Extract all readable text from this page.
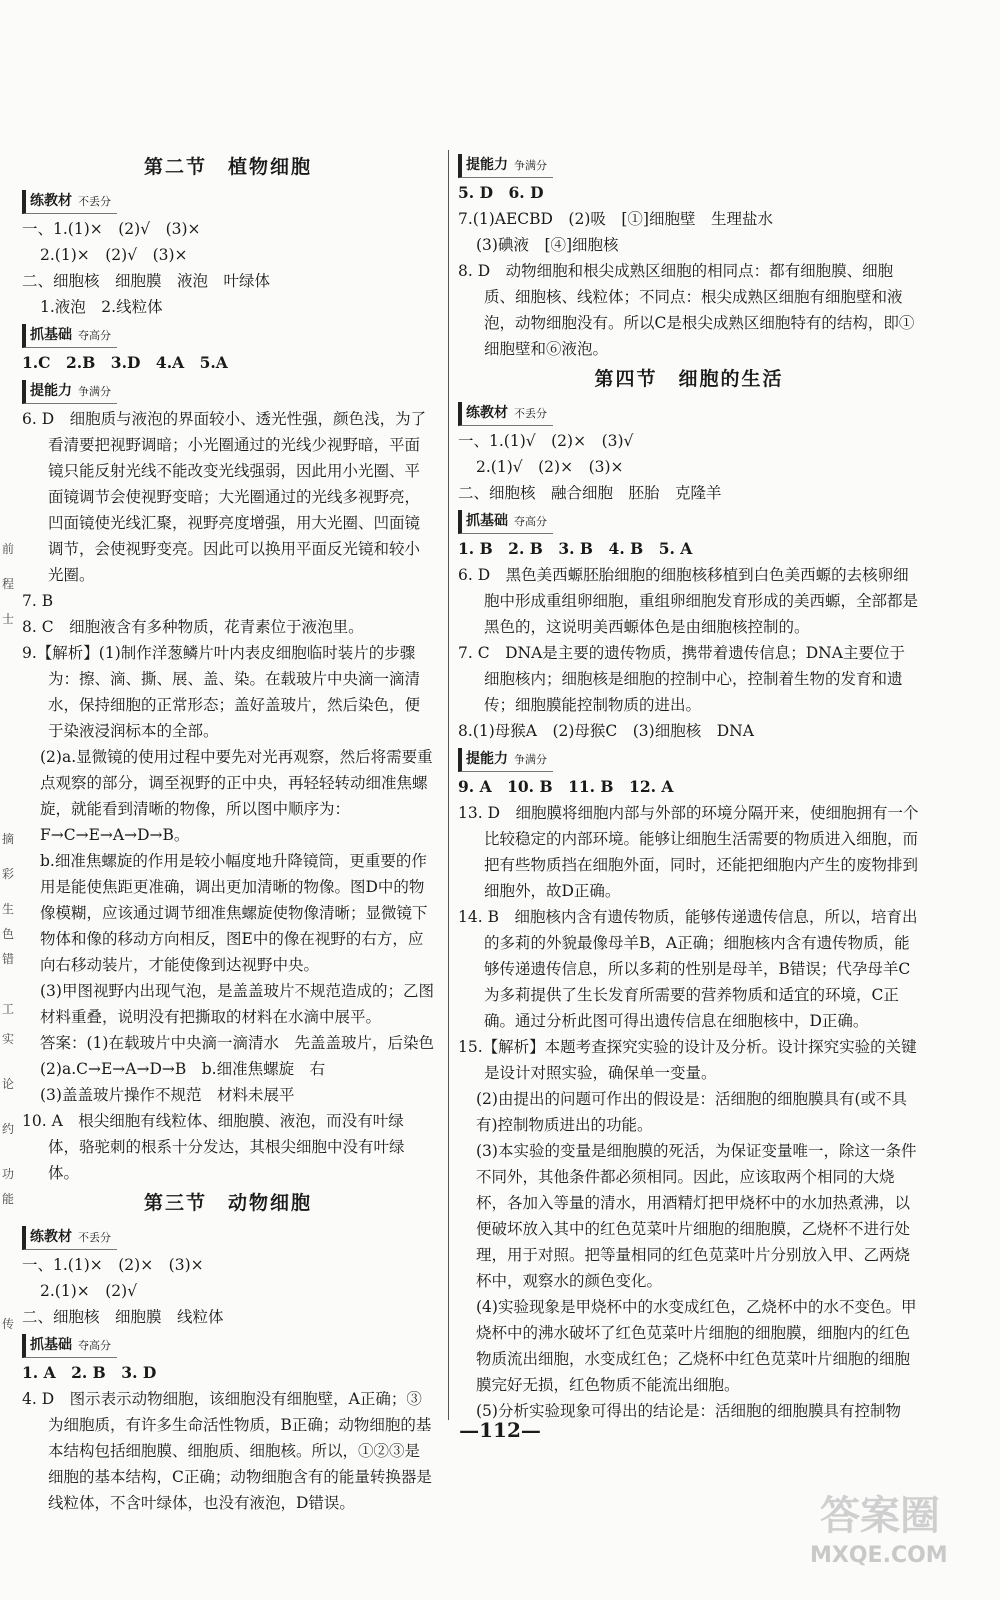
前
程
士
摘
彩
生
色
错
工
实
论
约
功
能
传
第二节　植物细胞
练教材 不丢分

一、1.(1)×　(2)√　(3)×

2.(1)×　(2)√　(3)×

二、细胞核　细胞膜　液泡　叶绿体

1.液泡　2.线粒体

抓基础 夺高分

1.C　2.B　3.D　4.A　5.A

提能力 争满分

6. D　细胞质与液泡的界面较小、透光性强，颜色浅，为了看清要把视野调暗；小光圈通过的光线少视野暗，平面镜只能反射光线不能改变光线强弱，因此用小光圈、平面镜调节会使视野变暗；大光圈通过的光线多视野亮，凹面镜使光线汇聚，视野亮度增强，用大光圈、凹面镜调节，会使视野变亮。因此可以换用平面反光镜和较小光圈。

7. B

8. C　细胞液含有多种物质，花青素位于液泡里。

9.【解析】(1)制作洋葱鳞片叶内表皮细胞临时装片的步骤为：擦、滴、撕、展、盖、染。在载玻片中央滴一滴清水，保持细胞的正常形态；盖好盖玻片，然后染色，便于染液浸润标本的全部。

(2)a.显微镜的使用过程中要先对光再观察，然后将需要重点观察的部分，调至视野的正中央，再轻轻转动细准焦螺旋，就能看到清晰的物像，所以图中顺序为：F→C→E→A→D→B。

b.细准焦螺旋的作用是较小幅度地升降镜筒，更重要的作用是能使焦距更准确，调出更加清晰的物像。图D中的物像模糊，应该通过调节细准焦螺旋使物像清晰；显微镜下物体和像的移动方向相反，图E中的像在视野的右方，应向右移动装片，才能使像到达视野中央。

(3)甲图视野内出现气泡，是盖盖玻片不规范造成的；乙图材料重叠，说明没有把撕取的材料在水滴中展平。

答案：(1)在载玻片中央滴一滴清水　先盖盖玻片，后染色

(2)a.C→E→A→D→B　b.细准焦螺旋　右

(3)盖盖玻片操作不规范　材料未展平

10. A　根尖细胞有线粒体、细胞膜、液泡，而没有叶绿体，骆驼刺的根系十分发达，其根尖细胞中没有叶绿体。

第三节　动物细胞
练教材 不丢分

一、1.(1)×　(2)×　(3)×

2.(1)×　(2)√

二、细胞核　细胞膜　线粒体

抓基础 夺高分

1. A　2. B　3. D

4. D　图示表示动物细胞，该细胞没有细胞壁，A正确；③为细胞质，有许多生命活性物质，B正确；动物细胞的基本结构包括细胞膜、细胞质、细胞核。所以，①②③是细胞的基本结构，C正确；动物细胞含有的能量转换器是线粒体，不含叶绿体，也没有液泡，D错误。

提能力 争满分

5. D　6. D

7.(1)AECBD　(2)吸　[①]细胞壁　生理盐水

(3)碘液　[④]细胞核

8. D　动物细胞和根尖成熟区细胞的相同点：都有细胞膜、细胞质、细胞核、线粒体；不同点：根尖成熟区细胞有细胞壁和液泡，动物细胞没有。所以C是根尖成熟区细胞特有的结构，即①细胞壁和⑥液泡。

第四节　细胞的生活
练教材 不丢分

一、1.(1)√　(2)×　(3)√

2.(1)√　(2)×　(3)×

二、细胞核　融合细胞　胚胎　克隆羊

抓基础 夺高分

1. B　2. B　3. B　4. B　5. A

6. D　黑色美西螈胚胎细胞的细胞核移植到白色美西螈的去核卵细胞中形成重组卵细胞，重组卵细胞发育形成的美西螈，全部都是黑色的，这说明美西螈体色是由细胞核控制的。

7. C　DNA是主要的遗传物质，携带着遗传信息；DNA主要位于细胞核内；细胞核是细胞的控制中心，控制着生物的发育和遗传；细胞膜能控制物质的进出。

8.(1)母猴A　(2)母猴C　(3)细胞核　DNA

提能力 争满分

9. A　10. B　11. B　12. A

13. D　细胞膜将细胞内部与外部的环境分隔开来，使细胞拥有一个比较稳定的内部环境。能够让细胞生活需要的物质进入细胞，而把有些物质挡在细胞外面，同时，还能把细胞内产生的废物排到细胞外，故D正确。

14. B　细胞核内含有遗传物质，能够传递遗传信息，所以，培育出的多莉的外貌最像母羊B，A正确；细胞核内含有遗传物质，能够传递遗传信息，所以多莉的性别是母羊，B错误；代孕母羊C为多莉提供了生长发育所需要的营养物质和适宜的环境，C正确。通过分析此图可得出遗传信息在细胞核中，D正确。

15.【解析】本题考查探究实验的设计及分析。设计探究实验的关键是设计对照实验，确保单一变量。

(2)由提出的问题可作出的假设是：活细胞的细胞膜具有(或不具有)控制物质进出的功能。

(3)本实验的变量是细胞膜的死活，为保证变量唯一，除这一条件不同外，其他条件都必须相同。因此，应该取两个相同的大烧杯，各加入等量的清水，用酒精灯把甲烧杯中的水加热煮沸，以便破坏放入其中的红色苋菜叶片细胞的细胞膜，乙烧杯不进行处理，用于对照。把等量相同的红色苋菜叶片分别放入甲、乙两烧杯中，观察水的颜色变化。

(4)实验现象是甲烧杯中的水变成红色，乙烧杯中的水不变色。甲烧杯中的沸水破坏了红色苋菜叶片细胞的细胞膜，细胞内的红色物质流出细胞，水变成红色；乙烧杯中红色苋菜叶片细胞的细胞膜完好无损，红色物质不能流出细胞。

(5)分析实验现象可得出的结论是：活细胞的细胞膜具有控制物

—112—
答案圈
MXQE.COM
